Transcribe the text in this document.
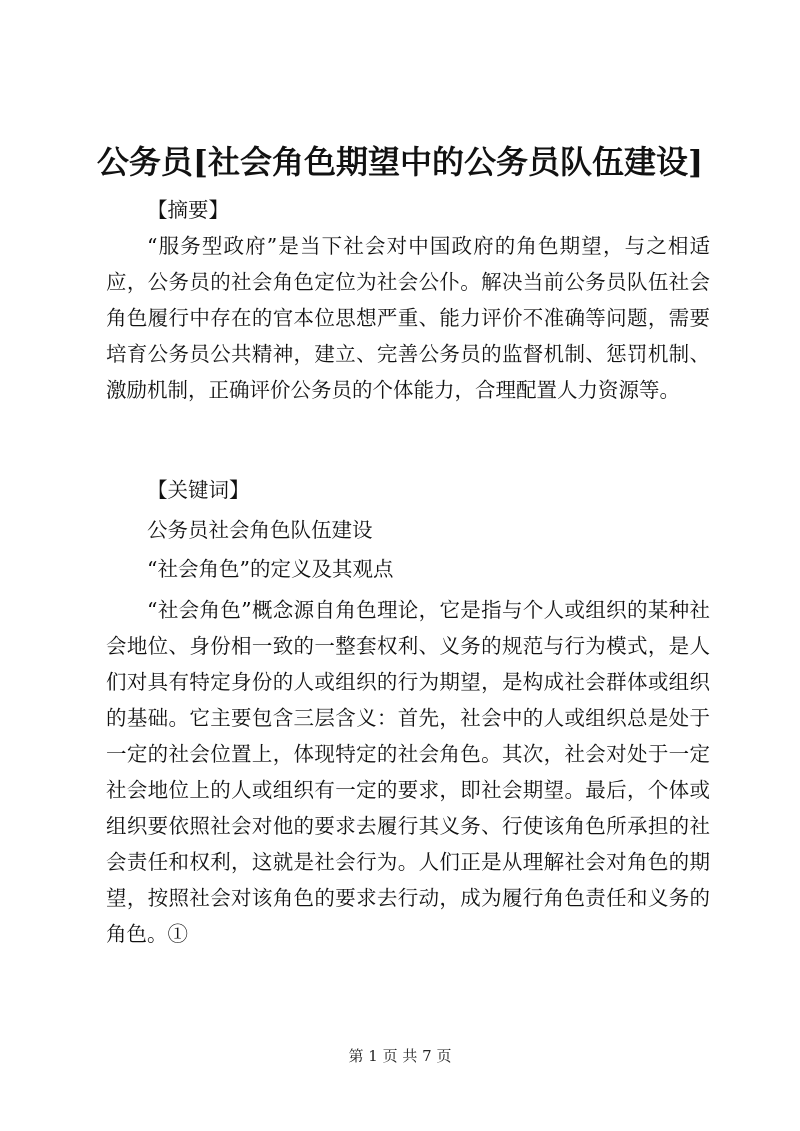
公务员[社会角色期望中的公务员队伍建设]
【摘要】
“服务型政府”是当下社会对中国政府的角色期望，与之相适应，公务员的社会角色定位为社会公仆。解决当前公务员队伍社会角色履行中存在的官本位思想严重、能力评价不准确等问题，需要培育公务员公共精神，建立、完善公务员的监督机制、惩罚机制、激励机制，正确评价公务员的个体能力，合理配置人力资源等。
【关键词】
公务员社会角色队伍建设
“社会角色”的定义及其观点
“社会角色”概念源自角色理论，它是指与个人或组织的某种社会地位、身份相一致的一整套权利、义务的规范与行为模式，是人们对具有特定身份的人或组织的行为期望，是构成社会群体或组织的基础。它主要包含三层含义：首先，社会中的人或组织总是处于一定的社会位置上，体现特定的社会角色。其次，社会对处于一定社会地位上的人或组织有一定的要求，即社会期望。最后，个体或组织要依照社会对他的要求去履行其义务、行使该角色所承担的社会责任和权利，这就是社会行为。人们正是从理解社会对角色的期望，按照社会对该角色的要求去行动，成为履行角色责任和义务的角色。①
第 1 页 共 7 页
